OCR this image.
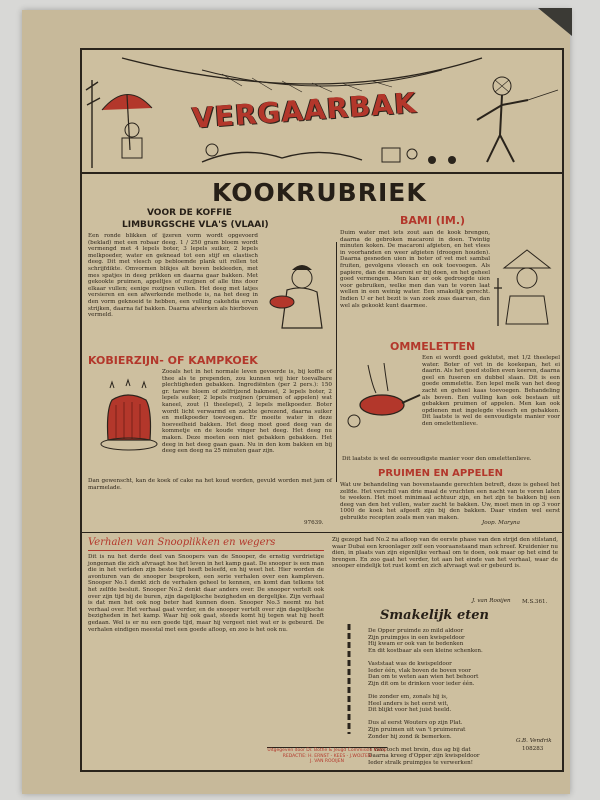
VERGAARBAK
KOOKRUBRIEK
VOOR DE KOFFIE
LIMBURGSCHE VLA'S (VLAAI)
Een ronde blikken of ijzeren vorm wordt opgevoerd (beklad) met een robaar deeg. 1 / 250 gram bloem wordt vermengd met 4 lepels boter, 3 lepels suiker, 2 lepels melkpoeder, water en geknead tot een stijf en elastisch deeg. Dit met vlesch op bebloemde plank uit rollen tot schrijfdikte. Omvormen blikjes alt boven bekleeden, met mes spatjes in deeg prikken en daarna gaar bakken. Met gekookte pruimen, appeltjes of rozijnen of alle tins door elkaar vullen; eenige rozijnen vullen. Het deeg met latjes versieren en een afwerkende methode is, na het deeg in den vorm geknoeid te hebben, een vulling cakehdia ervan strijken, daarna faf bakken. Daarna afwerken als hierboven vermeld.
KOBIERZIJN- OF KAMPKOEK
Zooals het in het normale leven gevoerde is, bij koffie of thee als te prependen, zou kunnen wij hier toevalbare plechtigheden gebakken. Ingrediënten (per 2 pers.): 150 gr. tarwe bloem of zelfrijzend bakmeel, 2 lepels boter, 2 lepels suiker, 2 lepels rozijnen (pruimen of appelen) wat kaneel, zout (1 theelepel), 2 lepels melkpoeder. Boter wordt licht verwarmd en zachte gerezend, daarna suiker en melkpoeder toevoegen. Er moeite water in deze hoeveelheid bakken. Het deeg moet goed deeg van de kommetje en de koude vinger het deeg. Het deeg nu maken. Deze moeten een niet gebakken gebakken. Het deeg in het deeg gaan gaan. Nu in den kom bakken en bij deeg een deeg na 25 minuten gaar zijn.
Dan gewenscht, kan de koek of cake na het koud worden, gevuld worden met jam of marmelade.
BAMI (IM.)
Duim water met iets zout aan de kook brengen, daarna de gebroken macaroni in doen. Twintig minuten koken. De macaroni afgieten, en het vlees in voorhanden en weer afgieten (droogen houden). Daarna gesneden uien in boter of vet met sambal fruiten, gevolgens vleesch en ook toevoegen. Als papiere, dan de macaroni er bij doen, en het geheel goed vermengen. Men kan er ook gedroogde uien voor gebruiken, welke men dan van te voren laat wellen in een weinig water. Een smakelijk gerecht. Indien U er het bezit is van zoek zoas daarvan, dan wel als gekookt kunt daarmee.
OMMELETTEN
Een ei wordt goed geklutst, met 1/2 theelepel water. Boter of vet in de koekepan, het ei daarin. Als het goed stollen even keeren, daarna geel en fuseren en dubbel slaan. Dit is een goede ommelette. Een lepel melk van het deeg zacht en geheel kaas toevoegen. Behandeling als boven. Een vulling kan ook bestaan uit gebakken pruimen of appelen. Men kan ook opdienen met ingelegde vleesch en gebakken. Dit laatste is wel de eenvoudigste manier voor den omelettenlieve.
Dit laatste is wel de eenvoudigste manier voor den omelettenlieve.
PRUIMEN EN APPELEN
Wat uw behandeling van bovenstaande gerechten betreft, deze is geheel het zelfde. Het verschil van drie maal de vruchten een nacht van te voren laten te weeken. Het moet minimaal achtuur zijn, en het zijn te bakken bij een deeg van den het vullen, water zacht te bakken. Uw, moet men in op 3 voor 1000 de koek het afgeeft zijn bij den bakken. Daar vinden wel eerst gebruikte recepten zoals men van maken.
Joop. Maryna
97639.
Verhalen van Snooplikken en wegers
Dit is nu het derde deel van Snoopers van de Snooper, de ernstig verdrietige jongeman die zich afvraagt hoe het leven in het kamp gaat. De snooper is een man die in het verleden zijn beste tijd heeft beleefd, en hij weet het. Hier worden de avonturen van de snooper besproken, een serie verhalen over een kampleven. Snooper No.1 denkt zich de verhalen geheel te kennen, en komt dan telkens tot het zelfde besluit. Snooper No.2 denkt daar anders over. De snooper vertelt ook over zijn tijd bij de buren, zijn dagelijksche bezigheden en dergelijke. Zijn verhaal is dat men het ook nog beter had kunnen doen. Snooper No.3 neemt nu het verhaal over. Het verhaal gaat verder, en de snooper vertelt over zijn dagelijksche bezigheden in het kamp. Waar hij ook gaat, steeds komt hij tegen wat hij heeft gedaan. Wel is er nu een goede tijd, maar hij vergeet niet wat er is gebeurd. De verhalen eindigen meestal met een goede afloop, en zoo is het ook nu.
Zij gezegd had No.2 na afloop van de eerste phase van den strijd den stilstand, waar Dubai een kroonlager zelf een vooraanstaand man schreef. Kruidenier nu dien, in plaats van zijn eigenlijke verhaal om te doen, ook maar op het eind te brengen. En zoo gaat het verder, tot aan het einde van het verhaal, waar de snooper eindelijk tot rust komt en zich afvraagt wat er gebeurd is.
J. van Rooijen	M.S.361.
Smakelijk eten
De Opper pruimde zo mild aldoor
Zijn pruimpjes in een kwispeldoor
Hij kwam er ook van te bedenken
En dit kostbaar als een kleine schenken.

Vaststaat was de kwispeldoor
Ieder één, vlak boven de boven voor
Dan om te weten aan wien het behoort
Zijn dit om te drinken voor ieder één.

Die zonder em, zonals hij is,
Heel anders is het eerst wit,
Dit blijkt voor het juist heeld.

Dus al eerst Wouters op zijn Plat.
Zijn pruimen uit van 't pruimenrat
Zonder hij zond ik bemerken.

't Was toch met brein, dus ag bij dat
Daarna kreeg d'Opper zijn kwispeldoor
Ieder stralk pruimpjes te verwerken!
G.B. Vendrik
108283
Uitgegeven door Dr. Bothe & Jeugd Commissie Kamp
REDACTIE: H. ERNST - KEES - J.WOLTEN
J. VAN ROOIJEN
